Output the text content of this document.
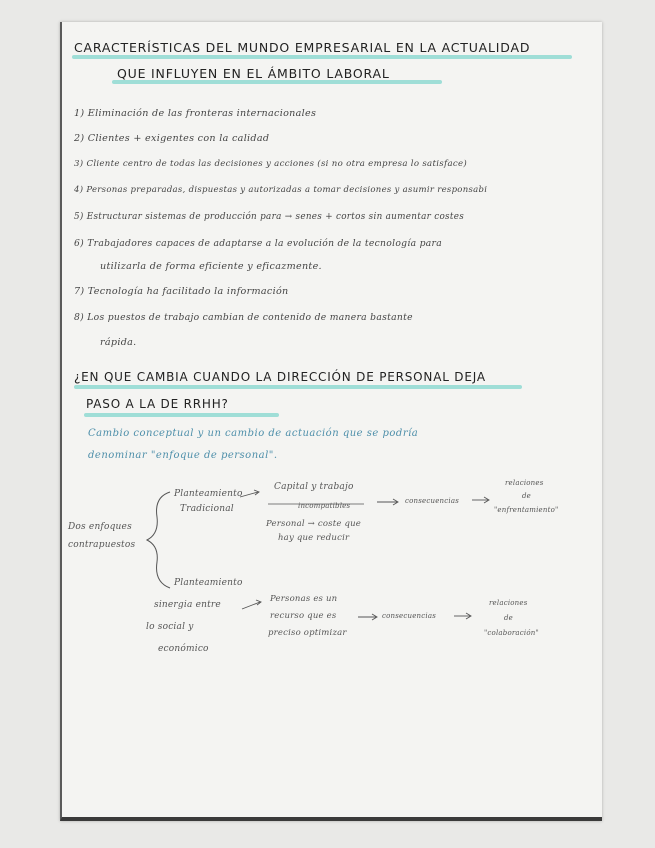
CARACTERÍSTICAS DEL MUNDO EMPRESARIAL EN LA ACTUALIDAD
QUE INFLUYEN EN EL ÁMBITO LABORAL
1) Eliminación de las fronteras internacionales
2) Clientes + exigentes con la calidad
3) Cliente centro de todas las decisiones y acciones (si no otra empresa lo satisface)
4) Personas preparadas, dispuestas y autorizadas a tomar decisiones y asumir responsabi
5) Estructurar sistemas de producción para → senes + cortos sin aumentar costes
6) Trabajadores capaces de adaptarse a la evolución de la tecnología para
utilizarla de forma eficiente y eficazmente.
7) Tecnología ha facilitado la información
8) Los puestos de trabajo cambian de contenido de manera bastante
rápida.
¿EN QUE CAMBIA CUANDO LA DIRECCIÓN DE PERSONAL DEJA
PASO A LA DE RRHH?
Cambio conceptual y un cambio de actuación que se podría
denominar "enfoque de personal".
Dos enfoques
contrapuestos
Planteamiento
Tradicional
Capital y trabajo
incompatibles
Personal → coste que
hay que reducir
consecuencias
relaciones
de
"enfrentamiento"
Planteamiento
sinergia entre
lo social y
económico
Personas es un
recurso que es
preciso optimizar
consecuencias
relaciones
de
"colaboración"
